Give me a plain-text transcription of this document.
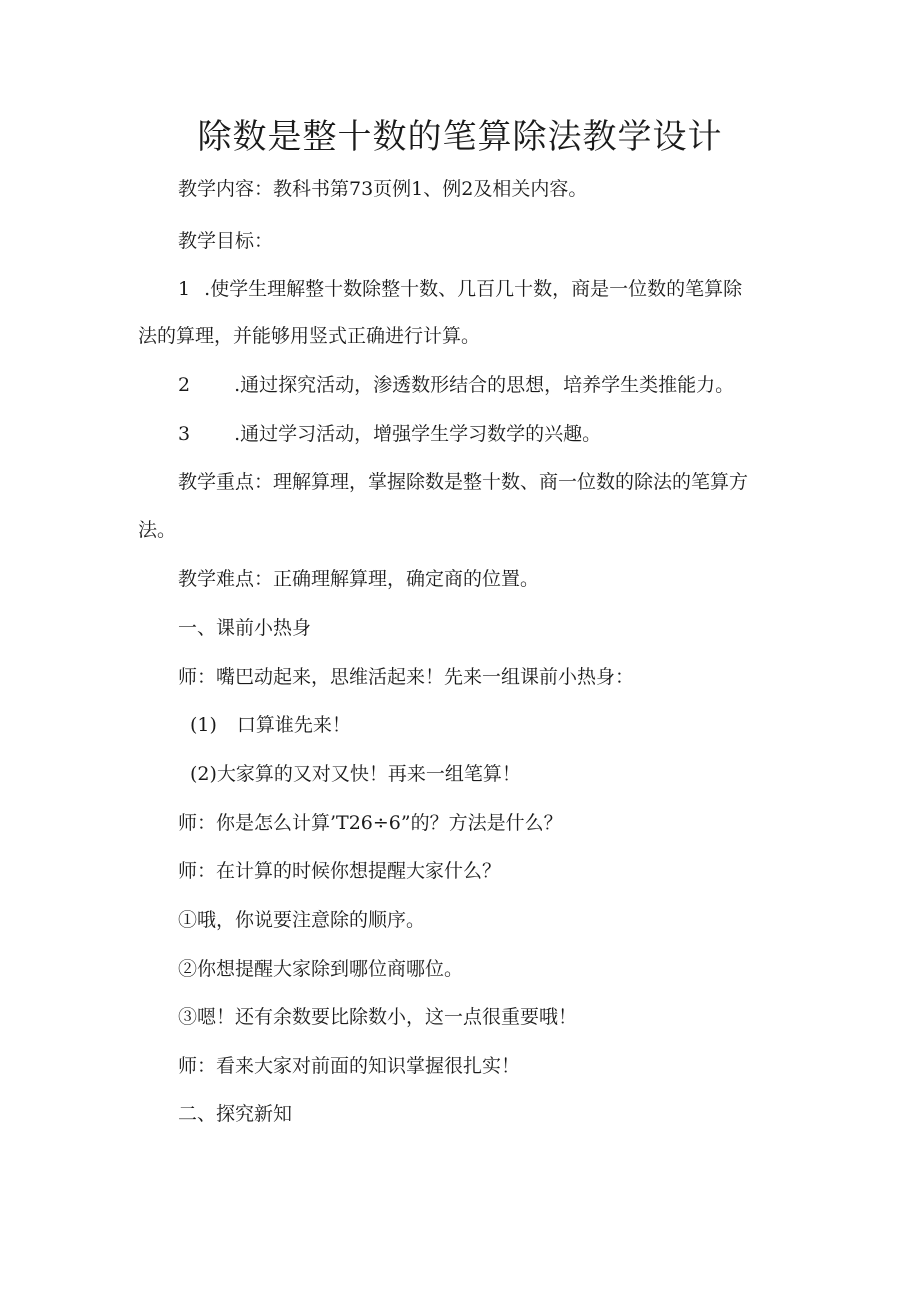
除数是整十数的笔算除法教学设计
教学内容：教科书第73页例1、例2及相关内容。
教学目标：
1 .使学生理解整十数除整十数、几百几十数，商是一位数的笔算除
法的算理，并能够用竖式正确进行计算。
2 .通过探究活动，渗透数形结合的思想，培养学生类推能力。
3 .通过学习活动，增强学生学习数学的兴趣。
教学重点：理解算理，掌握除数是整十数、商一位数的除法的笔算方
法。
教学难点：正确理解算理，确定商的位置。
一、课前小热身
师：嘴巴动起来，思维活起来！先来一组课前小热身：
(1) 口算谁先来！
(2)大家算的又对又快！再来一组笔算！
师：你是怎么计算’T26÷6”的？方法是什么？
师：在计算的时候你想提醒大家什么？
①哦，你说要注意除的顺序。
②你想提醒大家除到哪位商哪位。
③嗯！还有余数要比除数小，这一点很重要哦！
师：看来大家对前面的知识掌握很扎实！
二、探究新知
